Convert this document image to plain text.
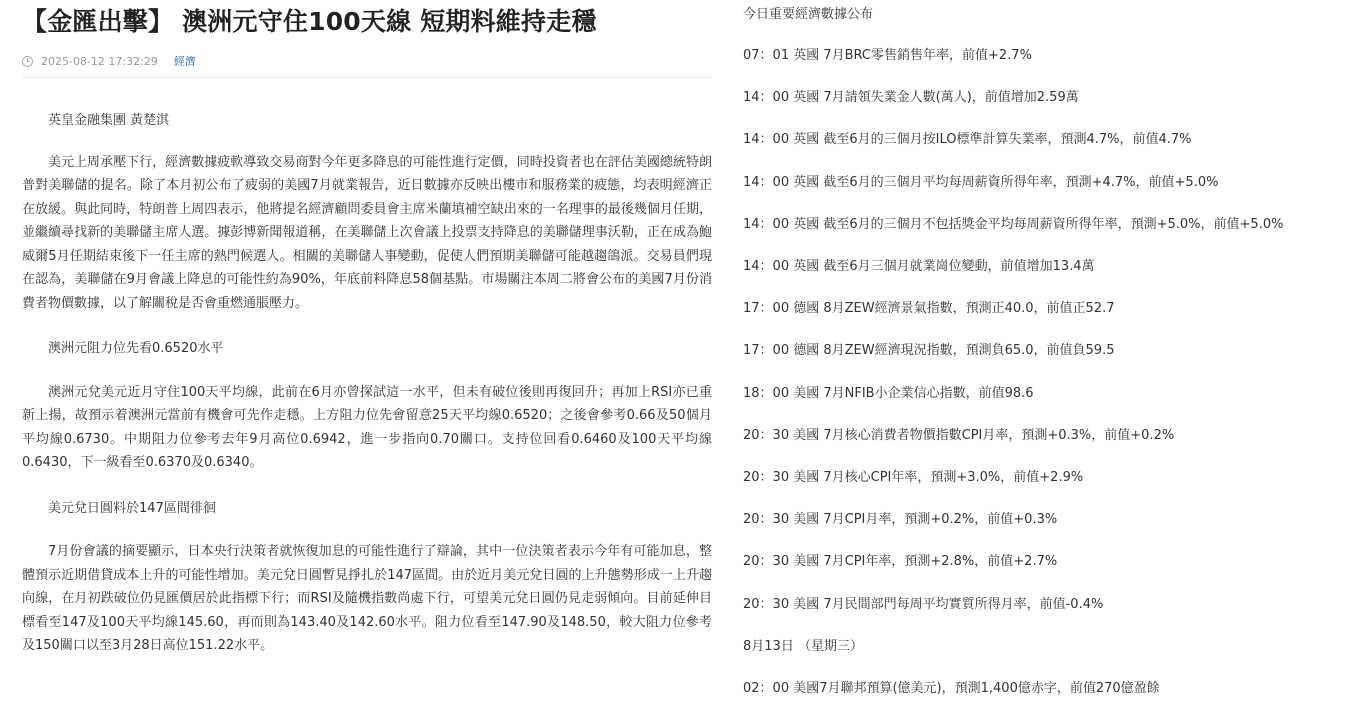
【金匯出擊】 澳洲元守住100天線 短期料維持走穩
2025-08-12 17:32:29 經濟

英皇金融集團 黃楚淇

美元上周承壓下行，經濟數據疲軟導致交易商對今年更多降息的可能性進行定價，同時投資者也在評估美國總統特朗普對美聯儲的提名。除了本月初公布了疲弱的美國7月就業報告，近日數據亦反映出樓市和服務業的疲態，均表明經濟正在放緩。與此同時，特朗普上周四表示，他將提名經濟顧問委員會主席米蘭填補空缺出來的一名理事的最後幾個月任期，並繼續尋找新的美聯儲主席人選。據彭博新聞報道稱，在美聯儲上次會議上投票支持降息的美聯儲理事沃勒，正在成為鮑威爾5月任期結束後下一任主席的熱門候選人。相關的美聯儲人事變動，促使人們預期美聯儲可能越趨鴿派。交易員們現在認為，美聯儲在9月會議上降息的可能性約為90%，年底前料降息58個基點。市場關注本周二將會公布的美國7月份消費者物價數據，以了解關稅是否會重燃通脹壓力。

澳洲元阻力位先看0.6520水平

澳洲元兌美元近月守住100天平均線，此前在6月亦曾探試這一水平，但未有破位後則再復回升；再加上RSI亦已重新上揚，故預示着澳洲元當前有機會可先作走穩。上方阻力位先會留意25天平均線0.6520；之後會參考0.66及50個月平均線0.6730。中期阻力位參考去年9月高位0.6942，進一步指向0.70關口。支持位回看0.6460及100天平均線0.6430，下一級看至0.6370及0.6340。

美元兌日圓料於147區間徘徊

7月份會議的摘要顯示，日本央行決策者就恢復加息的可能性進行了辯論，其中一位決策者表示今年有可能加息，整體預示近期借貸成本上升的可能性增加。美元兌日圓暫見掙扎於147區間。由於近月美元兌日圓的上升態勢形成一上升趨向線，在月初跌破位仍見匯價居於此指標下行；而RSI及隨機指數尚處下行，可望美元兌日圓仍見走弱傾向。目前延伸目標看至147及100天平均線145.60，再而則為143.40及142.60水平。阻力位看至147.90及148.50，較大阻力位參考及150關口以至3月28日高位151.22水平。

今日重要經濟數據公布
07：01 英國 7月BRC零售銷售年率，前值+2.7%
14：00 英國 7月請領失業金人數(萬人)，前值增加2.59萬
14：00 英國 截至6月的三個月按ILO標準計算失業率，預測4.7%，前值4.7%
14：00 英國 截至6月的三個月平均每周薪資所得年率，預測+4.7%，前值+5.0%
14：00 英國 截至6月的三個月不包括獎金平均每周薪資所得年率，預測+5.0%，前值+5.0%
14：00 英國 截至6月三個月就業崗位變動，前值增加13.4萬
17：00 德國 8月ZEW經濟景氣指數，預測正40.0，前值正52.7
17：00 德國 8月ZEW經濟現況指數，預測負65.0，前值負59.5
18：00 美國 7月NFIB小企業信心指數，前值98.6
20：30 美國 7月核心消費者物價指數CPI月率，預測+0.3%，前值+0.2%
20：30 美國 7月核心CPI年率，預測+3.0%，前值+2.9%
20：30 美國 7月CPI月率，預測+0.2%，前值+0.3%
20：30 美國 7月CPI年率，預測+2.8%，前值+2.7%
20：30 美國 7月民間部門每周平均實質所得月率，前值-0.4%
8月13日 （星期三）
02：00 美國7月聯邦預算(億美元)，預測1,400億赤字，前值270億盈餘
